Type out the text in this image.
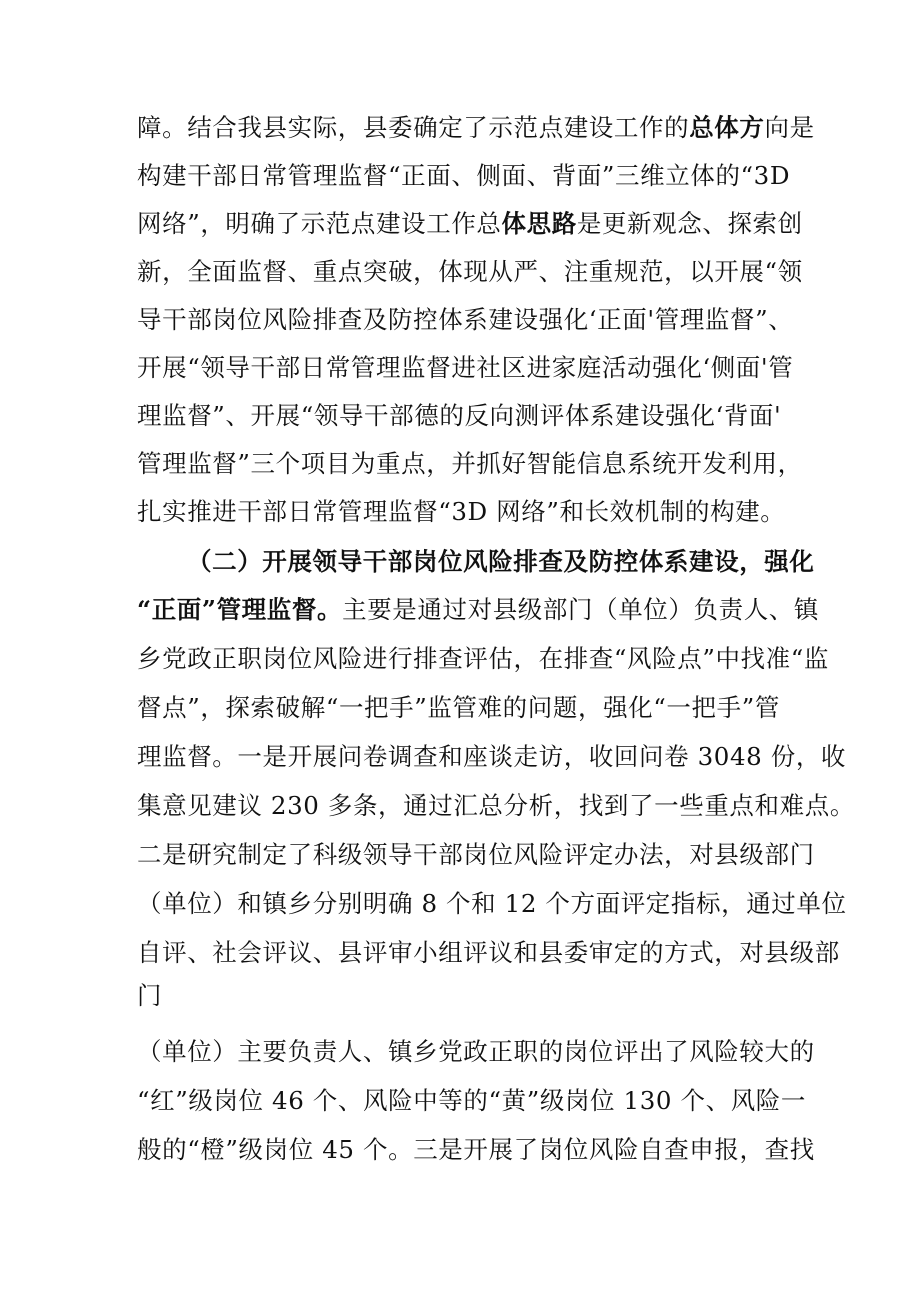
障。结合我县实际，县委确定了示范点建设工作的总体方向是
构建干部日常管理监督“正面、侧面、背面”三维立体的“3D
网络”，明确了示范点建设工作总体思路是更新观念、探索创
新，全面监督、重点突破，体现从严、注重规范，以开展“领
导干部岗位风险排查及防控体系建设强化‘正面'管理监督”、
开展“领导干部日常管理监督进社区进家庭活动强化‘侧面'管
理监督”、开展“领导干部德的反向测评体系建设强化‘背面'
管理监督”三个项目为重点，并抓好智能信息系统开发利用，
扎实推进干部日常管理监督“3D 网络”和长效机制的构建。
（二）开展领导干部岗位风险排查及防控体系建设，强化
“正面”管理监督。主要是通过对县级部门（单位）负责人、镇
乡党政正职岗位风险进行排查评估，在排查“风险点”中找准“监
督点”，探索破解“一把手”监管难的问题，强化“一把手”管
理监督。一是开展问卷调查和座谈走访，收回问卷 3048 份，收
集意见建议 230 多条，通过汇总分析，找到了一些重点和难点。
二是研究制定了科级领导干部岗位风险评定办法，对县级部门
（单位）和镇乡分别明确 8 个和 12 个方面评定指标，通过单位
自评、社会评议、县评审小组评议和县委审定的方式，对县级部
门
（单位）主要负责人、镇乡党政正职的岗位评出了风险较大的
“红”级岗位 46 个、风险中等的“黄”级岗位 130 个、风险一
般的“橙”级岗位 45 个。三是开展了岗位风险自查申报，查找
